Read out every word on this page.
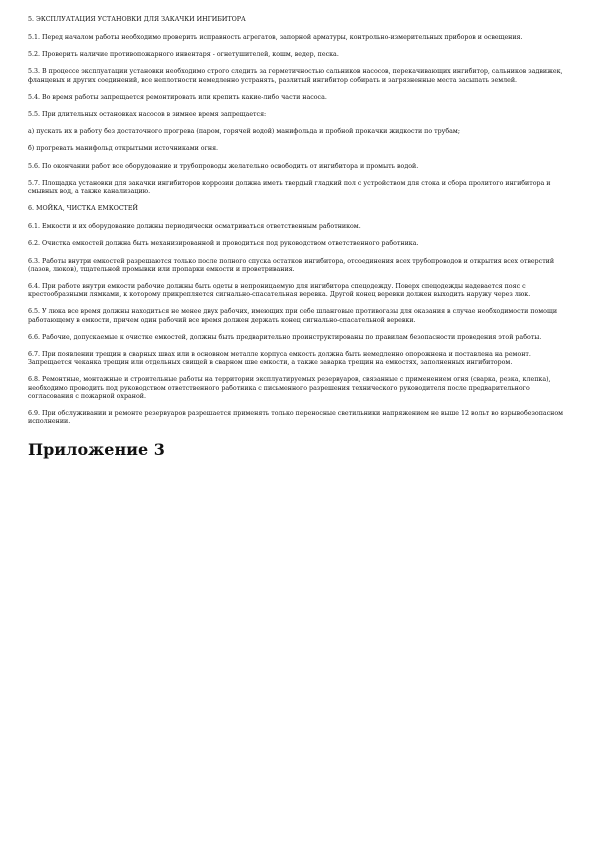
5. ЭКСПЛУАТАЦИЯ УСТАНОВКИ ДЛЯ ЗАКАЧКИ ИНГИБИТОРА
5.1. Перед началом работы необходимо проверить исправность агрегатов, запорной арматуры, контрольно-измерительных приборов и освещения.
5.2. Проверить наличие противопожарного инвентаря - огнетушителей, кошм, ведер, песка.
5.3. В процессе эксплуатации установки необходимо строго следить за герметичностью сальников насосов, перекачивающих ингибитор, сальников задвижек, фланцевых и других соединений, все неплотности немедленно устранять, разлитый ингибитор собирать и загрязненные места засыпать землей.
5.4. Во время работы запрещается ремонтировать или крепить какие-либо части насоса.
5.5. При длительных остановках насосов в зимнее время запрещается:
а) пускать их в работу без достаточного прогрева (паром, горячей водой) манифольда и пробной прокачки жидкости по трубам;
б) прогревать манифольд открытыми источниками огня.
5.6. По окончании работ все оборудование и трубопроводы желательно освободить от ингибитора и промыть водой.
5.7. Площадка установки для закачки ингибиторов коррозии должна иметь твердый гладкий пол с устройством для стока и сбора пролитого ингибитора и смывных вод, а также канализацию.
6. МОЙКА, ЧИСТКА ЕМКОСТЕЙ
6.1. Емкости и их оборудование должны периодически осматриваться ответственным работником.
6.2. Очистка емкостей должна быть механизированной и проводиться под руководством ответственного работника.
6.3. Работы внутри емкостей разрешаются только после полного спуска остатков ингибитора, отсоединения всех трубопроводов и открытия всех отверстий (лазов, люков), тщательной промывки или пропарки емкости и проветривания.
6.4. При работе внутри емкости рабочие должны быть одеты в непроницаемую для ингибитора спецодежду. Поверх спецодежды надевается пояс с крестообразными лямками, к которому прикрепляется сигнально-спасательная веревка. Другой конец веревки должен выходить наружу через люк.
6.5. У люка все время должны находиться не менее двух рабочих, имеющих при себе шланговые противогазы для оказания в случае необходимости помощи работающему в емкости, причем один рабочий все время должен держать конец сигнально-спасательной веревки.
6.6. Рабочие, допускаемые к очистке емкостей, должны быть предварительно проинструктированы по правилам безопасности проведения этой работы.
6.7. При появлении трещин в сварных швах или в основном металле корпуса емкость должна быть немедленно опорожнена и поставлена на ремонт. Запрещается чеканка трещин или отдельных свищей в сварном шве емкости, а также заварка трещин на емкостях, заполненных ингибитором.
6.8. Ремонтные, монтажные и строительные работы на территории эксплуатируемых резервуаров, связанные с применением огня (сварка, резка, клепка), необходимо проводить под руководством ответственного работника с письменного разрешения технического руководителя после предварительного согласования с пожарной охраной.
6.9. При обслуживании и ремонте резервуаров разрешается применять только переносные светильники напряжением не выше 12 вольт во взрывобезопасном исполнении.
Приложение 3
